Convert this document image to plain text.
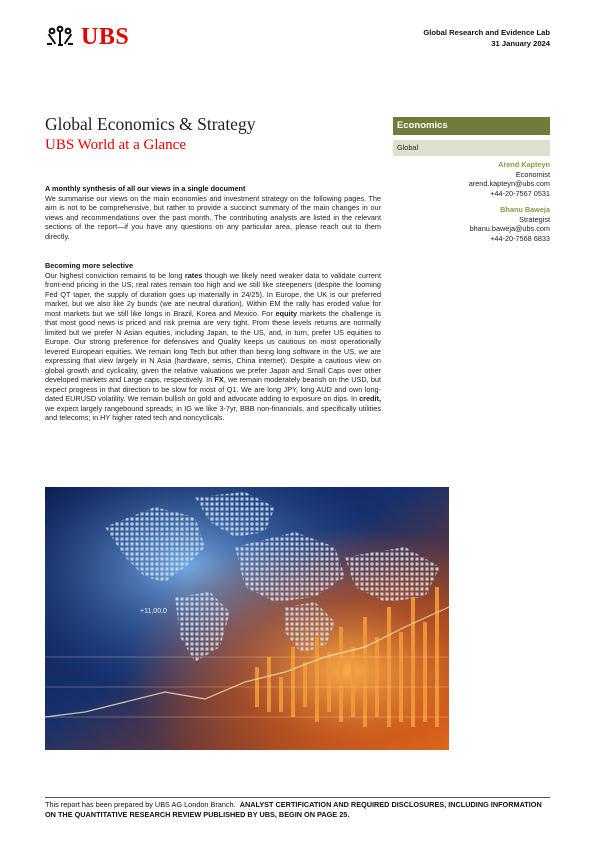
UBS	Global Research and Evidence Lab
31 January 2024
Global Economics & Strategy
UBS World at a Glance
Economics
Global
Arend Kapteyn
Economist
arend.kapteyn@ubs.com
+44-20-7567 0531
Bhanu Baweja
Strategist
bhanu.baweja@ubs.com
+44-20-7568 6833
A monthly synthesis of all our views in a single document

We summarise our views on the main economies and investment strategy on the following pages. The aim is not to be comprehensive, but rather to provide a succinct summary of the main changes in our views and recommendations over the past month. The contributing analysts are listed in the relevant sections of the report—if you have any questions on any particular area, please reach out to them directly.

Becoming more selective

Our highest conviction remains to be long rates though we likely need weaker data to validate current front-end pricing in the US; real rates remain too high and we still like steepeners (despite the looming Fed QT taper, the supply of duration goes up materially in 24/25). In Europe, the UK is our preferred market, but we also like 2y bunds (we are neutral duration). Within EM the rally has eroded value for most markets but we still like longs in Brazil, Korea and Mexico. For equity markets the challenge is that most good news is priced and risk premia are very tight. From these levels returns are normally limited but we prefer N Asian equities, including Japan, to the US, and, in turn, prefer US equities to Europe. Our strong preference for defensives and Quality keeps us cautious on most operationally levered European equities. We remain long Tech but other than being long software in the US, we are expressing that view largely in N Asia (hardware, semis, China internet). Despite a cautious view on global growth and cyclicality, given the relative valuations we prefer Japan and Small Caps over other developed markets and Large caps, respectively. In FX, we remain moderately bearish on the USD, but expect progress in that direction to be slow for most of Q1. We are long JPY, long AUD and own long-dated EURUSD volatility. We remain bullish on gold and advocate adding to exposure on dips. In credit, we expect largely rangebound spreads; in IG we like 3-7yr, BBB non-financials, and specifically utilities and telecoms; in HY higher rated tech and noncyclicals.

+11,00.0
This report has been prepared by UBS AG London Branch. ANALYST CERTIFICATION AND REQUIRED DISCLOSURES, INCLUDING INFORMATION ON THE QUANTITATIVE RESEARCH REVIEW PUBLISHED BY UBS, BEGIN ON PAGE 25.
